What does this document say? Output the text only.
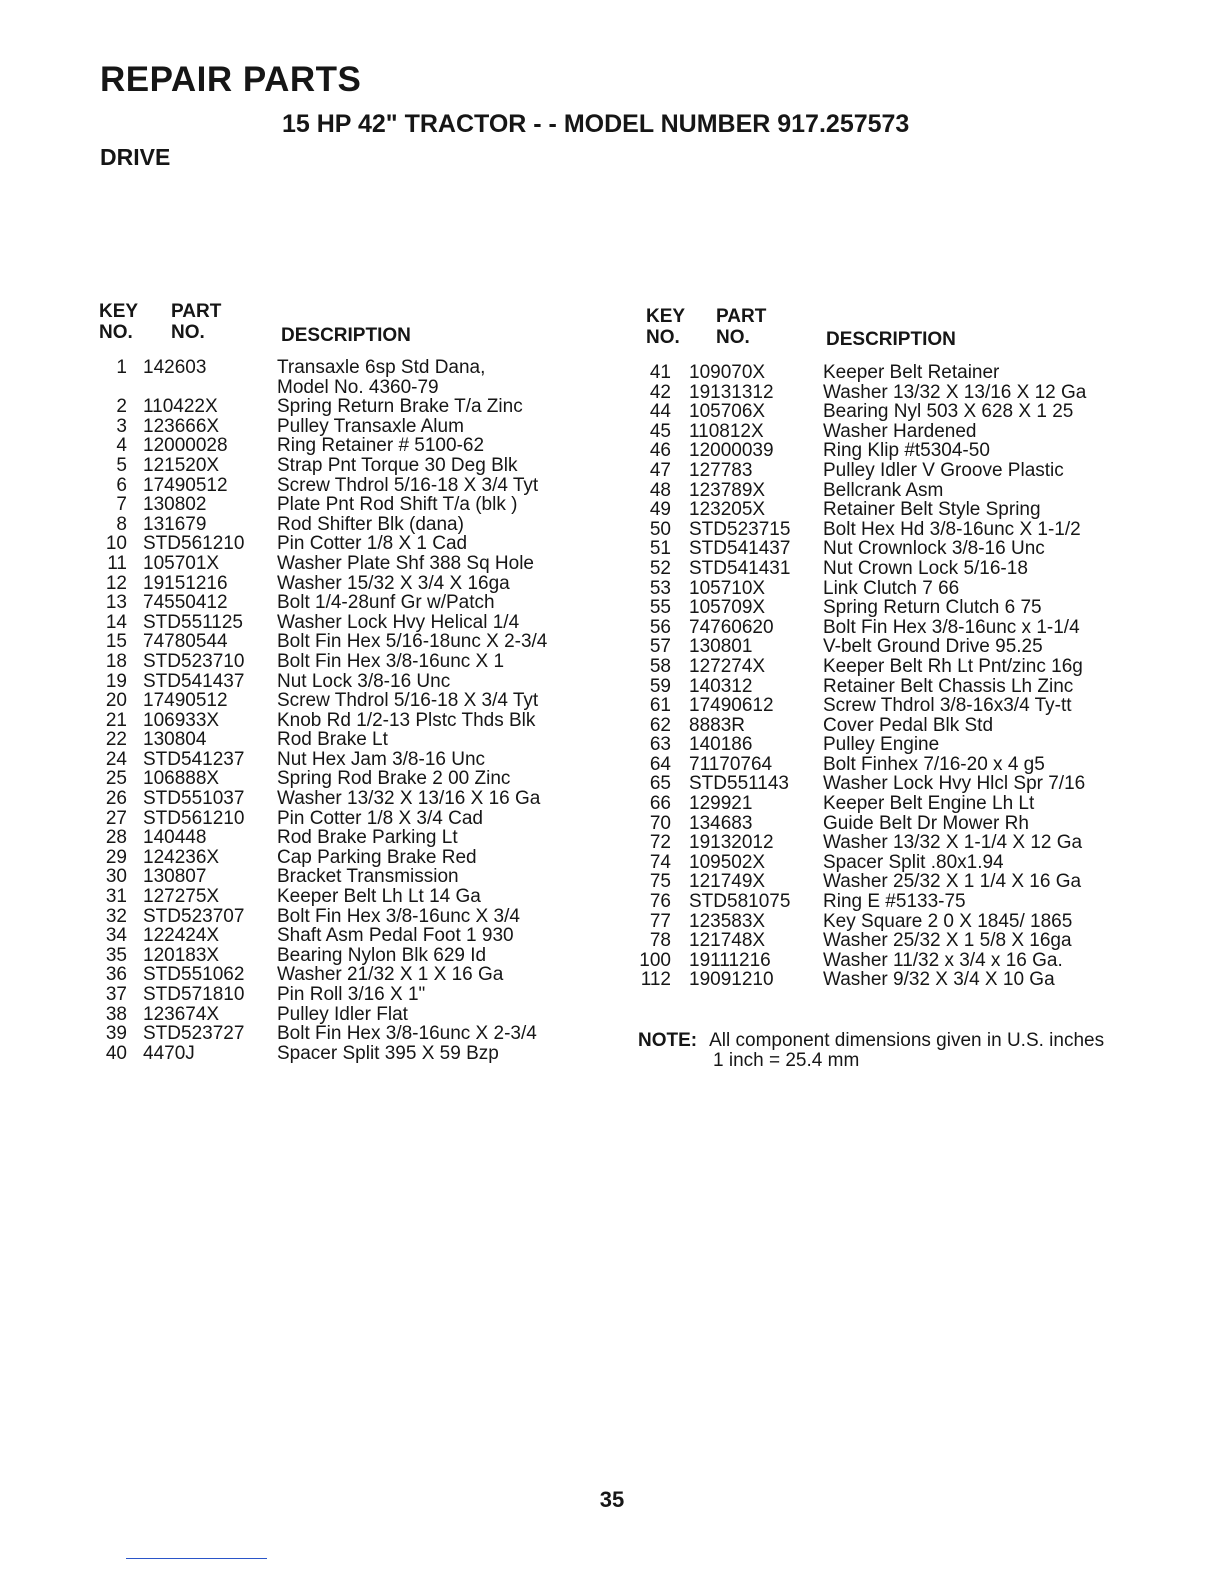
REPAIR PARTS
15 HP 42" TRACTOR - - MODEL NUMBER 917.257573
DRIVE
KEY
NO.
PART
NO.	DESCRIPTION
1 142603	Transaxle 6sp Std Dana,
Model No. 4360-79
2 110422X	Spring Return Brake T/a Zinc
3 123666X	Pulley Transaxle Alum
4 12000028	Ring Retainer # 5100-62
5 121520X	Strap Pnt Torque 30 Deg Blk
6 17490512	Screw Thdrol 5/16-18 X 3/4 Tyt
7 130802	Plate Pnt Rod Shift T/a (blk )
8 131679	Rod Shifter Blk (dana)
10 STD561210	Pin Cotter 1/8 X 1 Cad
11 105701X	Washer Plate Shf 388 Sq Hole
12 19151216	Washer 15/32 X 3/4 X 16ga
13 74550412	Bolt 1/4-28unf Gr w/Patch
14 STD551125	Washer Lock Hvy Helical 1/4
15 74780544	Bolt Fin Hex 5/16-18unc X 2-3/4
18 STD523710	Bolt Fin Hex 3/8-16unc X 1
19 STD541437	Nut Lock 3/8-16 Unc
20 17490512	Screw Thdrol 5/16-18 X 3/4 Tyt
21 106933X	Knob Rd 1/2-13 Plstc Thds Blk
22 130804	Rod Brake Lt
24 STD541237	Nut Hex Jam 3/8-16 Unc
25 106888X	Spring Rod Brake 2 00 Zinc
26 STD551037	Washer 13/32 X 13/16 X 16 Ga
27 STD561210	Pin Cotter 1/8 X 3/4 Cad
28 140448	Rod Brake Parking Lt
29 124236X	Cap Parking Brake Red
30 130807	Bracket Transmission
31 127275X	Keeper Belt Lh Lt 14 Ga
32 STD523707	Bolt Fin Hex 3/8-16unc X 3/4
34 122424X	Shaft Asm Pedal Foot 1 930
35 120183X	Bearing Nylon Blk 629 Id
36 STD551062	Washer 21/32 X 1 X 16 Ga
37 STD571810	Pin Roll 3/16 X 1"
38 123674X	Pulley Idler Flat
39 STD523727	Bolt Fin Hex 3/8-16unc X 2-3/4
40 4470J	Spacer Split 395 X 59 Bzp
KEY
NO.
PART
NO.	DESCRIPTION
41 109070X	Keeper Belt Retainer
42 19131312	Washer 13/32 X 13/16 X 12 Ga
44 105706X	Bearing Nyl 503 X 628 X 1 25
45 110812X	Washer Hardened
46 12000039	Ring Klip #t5304-50
47 127783	Pulley Idler V Groove Plastic
48 123789X	Bellcrank Asm
49 123205X	Retainer Belt Style Spring
50 STD523715	Bolt Hex Hd 3/8-16unc X 1-1/2
51 STD541437	Nut Crownlock 3/8-16 Unc
52 STD541431	Nut Crown Lock 5/16-18
53 105710X	Link Clutch 7 66
55 105709X	Spring Return Clutch 6 75
56 74760620	Bolt Fin Hex 3/8-16unc x 1-1/4
57 130801	V-belt Ground Drive 95.25
58 127274X	Keeper Belt Rh Lt Pnt/zinc 16g
59 140312	Retainer Belt Chassis Lh Zinc
61 17490612	Screw Thdrol 3/8-16x3/4 Ty-tt
62 8883R	Cover Pedal Blk Std
63 140186	Pulley Engine
64 71170764	Bolt Finhex 7/16-20 x 4 g5
65 STD551143	Washer Lock Hvy Hlcl Spr 7/16
66 129921	Keeper Belt Engine Lh Lt
70 134683	Guide Belt Dr Mower Rh
72 19132012	Washer 13/32 X 1-1/4 X 12 Ga
74 109502X	Spacer Split .80x1.94
75 121749X	Washer 25/32 X 1 1/4 X 16 Ga
76 STD581075	Ring E #5133-75
77 123583X	Key Square 2 0 X 1845/ 1865
78 121748X	Washer 25/32 X 1 5/8 X 16ga
100 19111216	Washer 11/32 x 3/4 x 16 Ga.
112 19091210	Washer 9/32 X 3/4 X 10 Ga
NOTE: All component dimensions given in U.S. inches
1 inch = 25.4 mm
35
